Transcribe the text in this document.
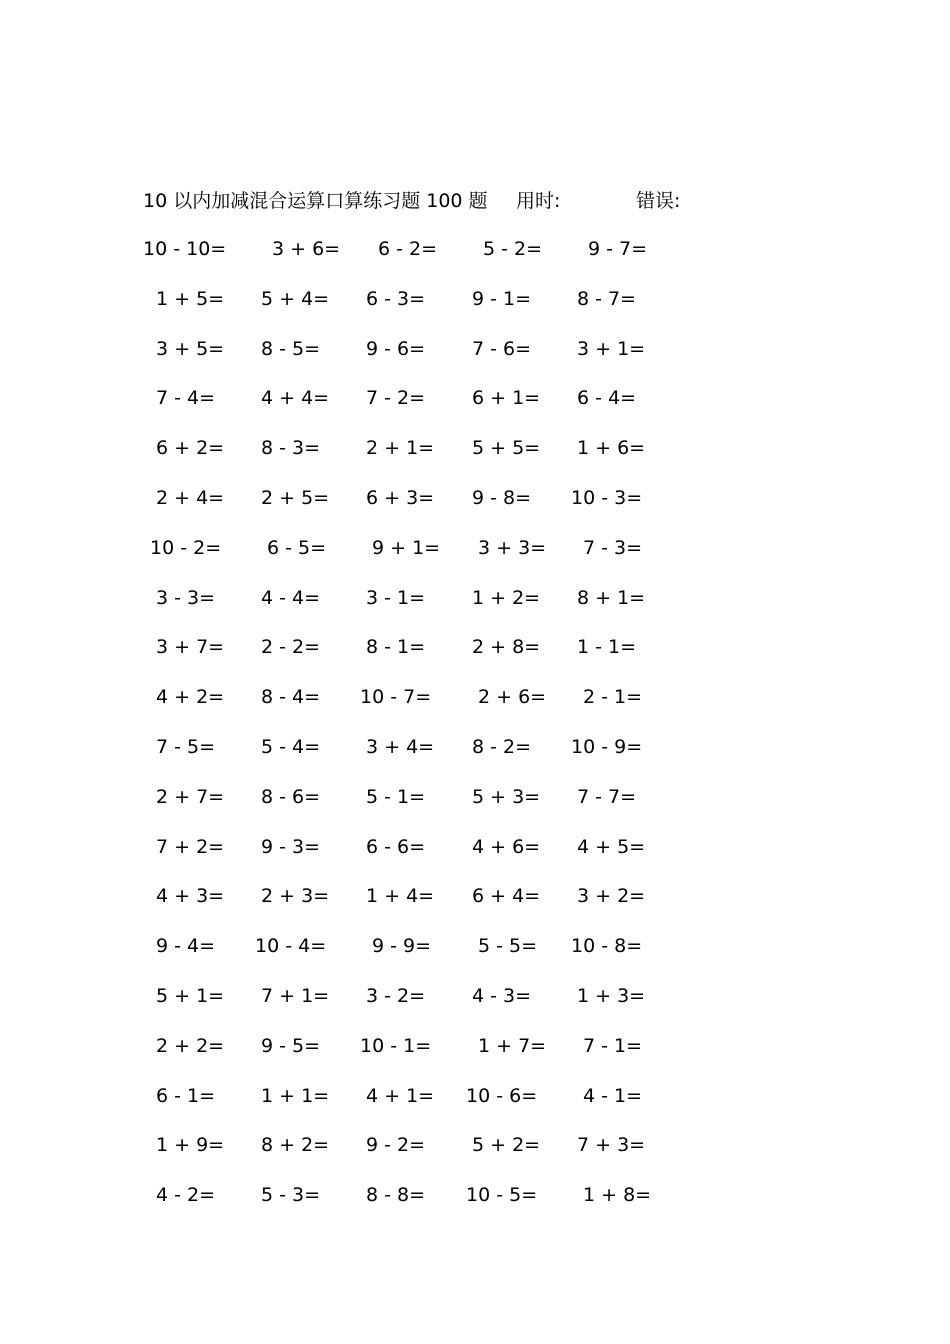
10 以内加减混合运算口算练习题 100 题 用时:	错误:
10 - 10= 3 + 6= 6 - 2= 5 - 2= 9 - 7=
1 + 5= 5 + 4= 6 - 3= 9 - 1= 8 - 7=
3 + 5= 8 - 5= 9 - 6= 7 - 6= 3 + 1=
7 - 4= 4 + 4= 7 - 2= 6 + 1= 6 - 4=
6 + 2= 8 - 3= 2 + 1= 5 + 5= 1 + 6=
2 + 4= 2 + 5= 6 + 3= 9 - 8= 10 - 3=
10 - 2= 6 - 5= 9 + 1= 3 + 3= 7 - 3=
3 - 3= 4 - 4= 3 - 1= 1 + 2= 8 + 1=
3 + 7= 2 - 2= 8 - 1= 2 + 8= 1 - 1=
4 + 2= 8 - 4= 10 - 7= 2 + 6= 2 - 1=
7 - 5= 5 - 4= 3 + 4= 8 - 2= 10 - 9=
2 + 7= 8 - 6= 5 - 1= 5 + 3= 7 - 7=
7 + 2= 9 - 3= 6 - 6= 4 + 6= 4 + 5=
4 + 3= 2 + 3= 1 + 4= 6 + 4= 3 + 2=
9 - 4= 10 - 4= 9 - 9= 5 - 5= 10 - 8=
5 + 1= 7 + 1= 3 - 2= 4 - 3= 1 + 3=
2 + 2= 9 - 5= 10 - 1= 1 + 7= 7 - 1=
6 - 1= 1 + 1= 4 + 1= 10 - 6= 4 - 1=
1 + 9= 8 + 2= 9 - 2= 5 + 2= 7 + 3=
4 - 2= 5 - 3= 8 - 8= 10 - 5= 1 + 8=
